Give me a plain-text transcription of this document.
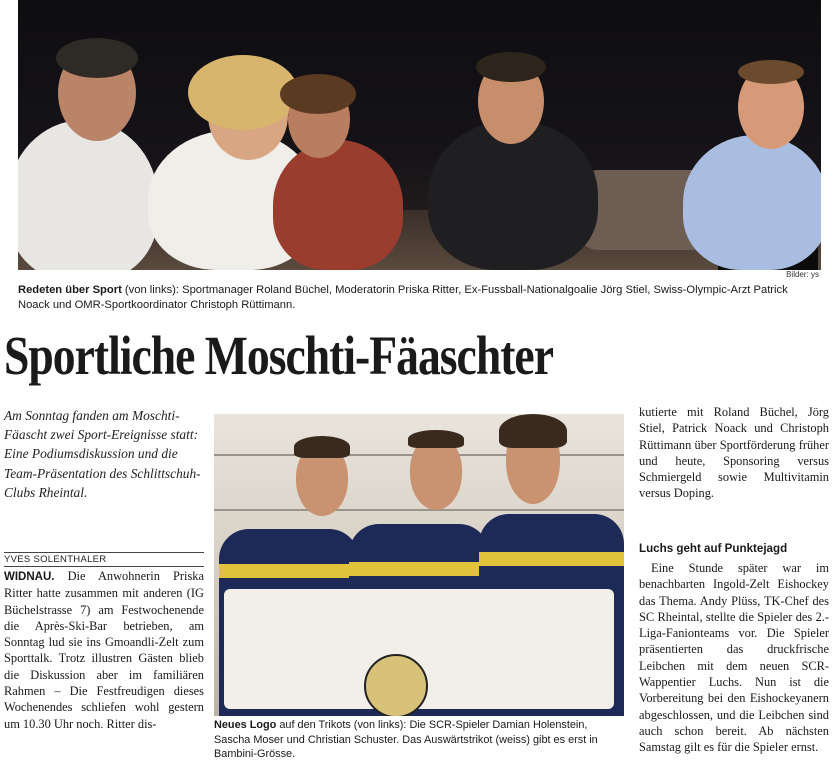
Bilder: ys
Redeten über Sport (von links): Sportmanager Roland Büchel, Moderatorin Priska Ritter, Ex-Fussball-Nationalgoalie Jörg Stiel, Swiss-Olympic-Arzt Patrick Noack und OMR-Sportkoordinator Christoph Rüttimann.
Sportliche Moschti-Fäaschter
Am Sonntag fanden am Moschti-Fäascht zwei Sport-Ereignisse statt: Eine Podiumsdiskussion und die Team-Präsentation des Schlittschuh-Clubs Rheintal.
YVES SOLENTHALER
WIDNAU. Die Anwohnerin Priska Ritter hatte zusammen mit anderen (IG Büchelstrasse 7) am Festwochenende die Après-Ski-Bar betrieben, am Sonntag lud sie ins Gmoandli-Zelt zum Sporttalk. Trotz illustren Gästen blieb die Diskussion aber im familiären Rahmen – Die Festfreudigen dieses Wochenendes schliefen wohl gestern um 10.30 Uhr noch. Ritter dis-	Neues Logo auf den Trikots (von links): Die SCR-Spieler Damian Holenstein, Sascha Moser und Christian Schuster. Das Auswärtstrikot (weiss) gibt es erst in Bambini-Grösse.
kutierte mit Roland Büchel, Jörg Stiel, Patrick Noack und Christoph Rüttimann über Sportförderung früher und heute, Sponsoring versus Schmiergeld sowie Multivitamin versus Doping.
Luchs geht auf Punktejagd
Eine Stunde später war im benachbarten Ingold-Zelt Eishockey das Thema. Andy Plüss, TK-Chef des SC Rheintal, stellte die Spieler des 2.-Liga-Fanionteams vor. Die Spieler präsentierten das druckfrische Leibchen mit dem neuen SCR-Wappentier Luchs. Nun ist die Vorbereitung bei den Eishockeyanern abgeschlossen, und die Leibchen sind auch schon bereit. Ab nächsten Samstag gilt es für die Spieler ernst.
